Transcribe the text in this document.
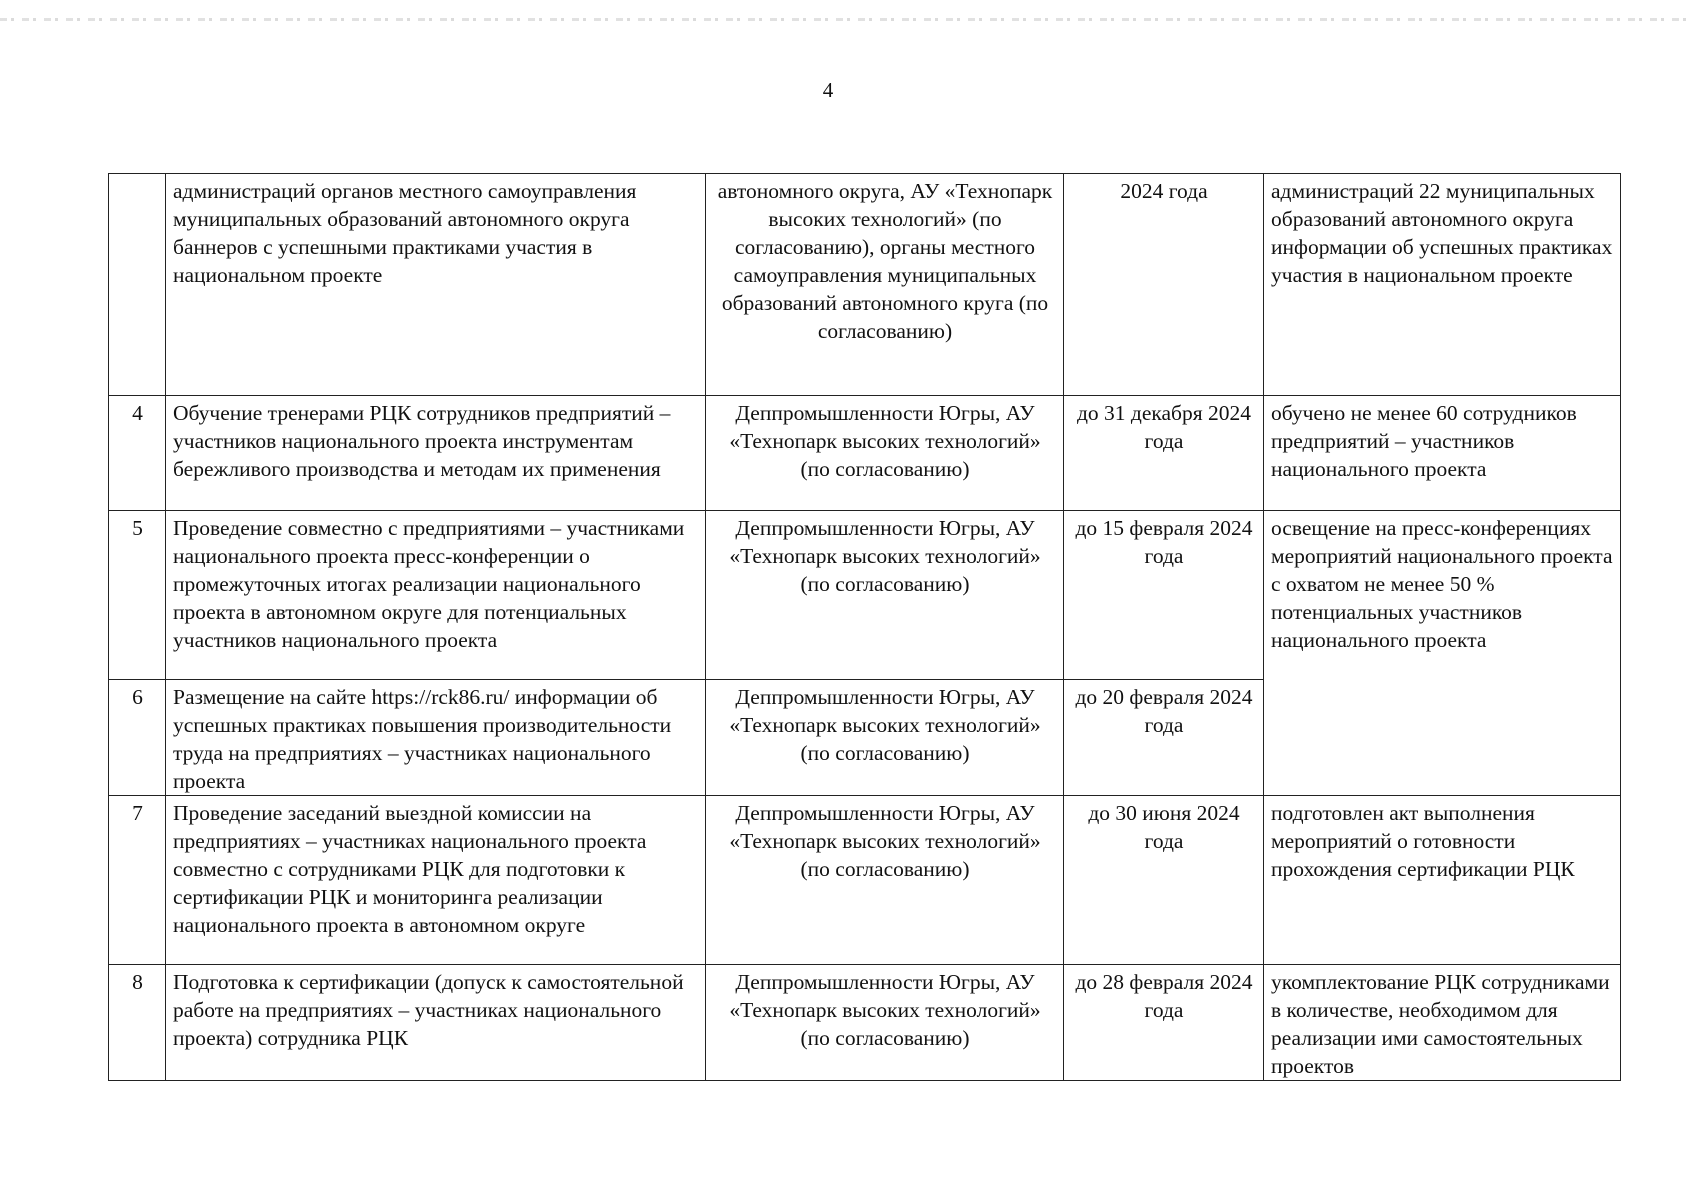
4
	администраций органов местного самоуправления муниципальных образований автономного округа баннеров с успешными практиками участия в национальном проекте	автономного округа, АУ «Технопарк высоких технологий» (по согласованию), органы местного самоуправления муниципальных образований автономного круга (по согласованию)	2024 года	администраций 22 муниципальных образований автономного округа информации об успешных практиках участия в национальном проекте
4	Обучение тренерами РЦК сотрудников предприятий – участников национального проекта инструментам бережливого производства и методам их применения	Деппромышленности Югры, АУ «Технопарк высоких технологий» (по согласованию)	до 31 декабря 2024 года	обучено не менее 60 сотрудников предприятий – участников национального проекта
5	Проведение совместно с предприятиями – участниками национального проекта пресс-конференции о промежуточных итогах реализации национального проекта в автономном округе для потенциальных участников национального проекта	Деппромышленности Югры, АУ «Технопарк высоких технологий» (по согласованию)	до 15 февраля 2024 года	освещение на пресс-конференциях мероприятий национального проекта с охватом не менее 50 % потенциальных участников национального проекта
6	Размещение на сайте https://rck86.ru/ информации об успешных практиках повышения производительности труда на предприятиях – участниках национального проекта	Деппромышленности Югры, АУ «Технопарк высоких технологий» (по согласованию)	до 20 февраля 2024 года	
7	Проведение заседаний выездной комиссии на предприятиях – участниках национального проекта совместно с сотрудниками РЦК для подготовки к сертификации РЦК и мониторинга реализации национального проекта в автономном округе	Деппромышленности Югры, АУ «Технопарк высоких технологий» (по согласованию)	до 30 июня 2024 года	подготовлен акт выполнения мероприятий о готовности прохождения сертификации РЦК
8	Подготовка к сертификации (допуск к самостоятельной работе на предприятиях – участниках национального проекта) сотрудника РЦК	Деппромышленности Югры, АУ «Технопарк высоких технологий» (по согласованию)	до 28 февраля 2024 года	укомплектование РЦК сотрудниками в количестве, необходимом для реализации ими самостоятельных проектов
